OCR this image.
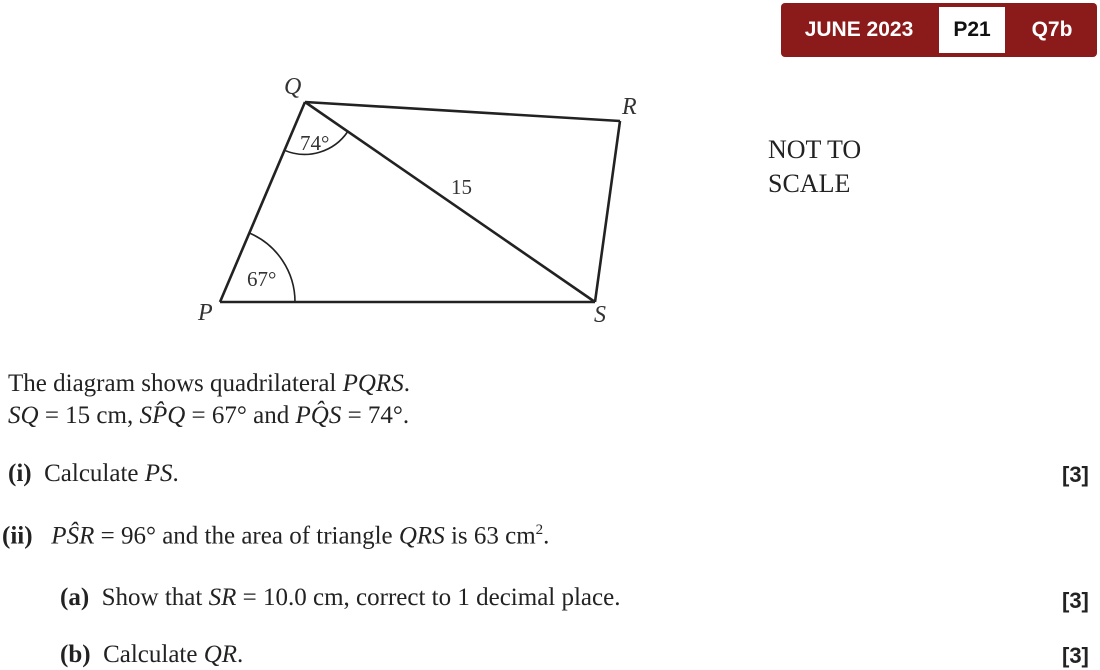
JUNE 2023	P21	Q7b
Q
R
P	S
74°
67°
15
NOT TO
SCALE
The diagram shows quadrilateral PQRS.
SQ = 15 cm, SP̂Q = 67° and PQ̂S = 74°.
(i) Calculate PS.	[3]
(ii) PŜR = 96° and the area of triangle QRS is 63 $cm^2$.
(a) Show that SR = 10.0 cm, correct to 1 decimal place.	[3]
(b) Calculate QR.	[3]
